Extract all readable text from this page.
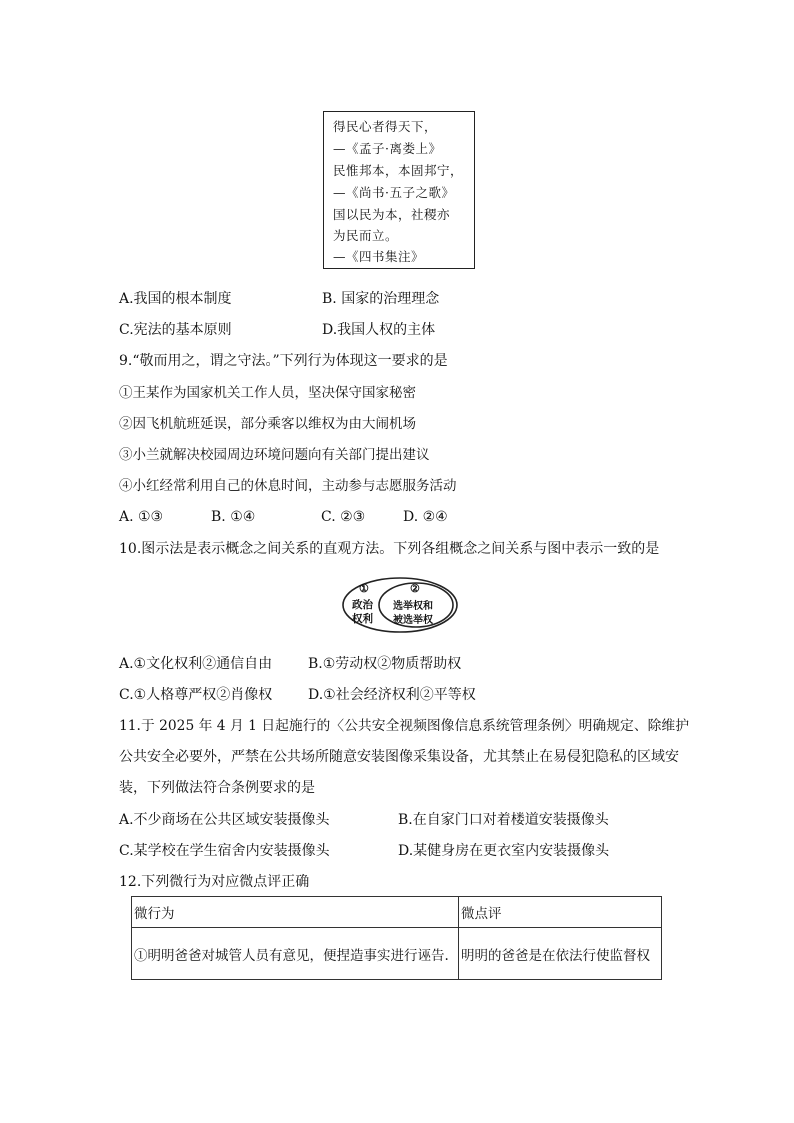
得民心者得天下，
—《孟子·离娄上》
民惟邦本，本固邦宁，
—《尚书·五子之歌》
国以民为本，社稷亦
为民而立。
—《四书集注》
A.我国的根本制度	B. 国家的治理理念
C.宪法的基本原则	D.我国人权的主体
9.“敬而用之，谓之守法。”下列行为体现这一要求的是
①王某作为国家机关工作人员，坚决保守国家秘密
②因飞机航班延误，部分乘客以维权为由大闹机场
③小兰就解决校园周边环境问题向有关部门提出建议
④小红经常利用自己的休息时间，主动参与志愿服务活动
A. ①③	B. ①④	C. ②③	D. ②④
10.图示法是表示概念之间关系的直观方法。下列各组概念之间关系与图中表示一致的是
①
政治
权利
②
选举权和
被选举权
A.①文化权利②通信自由	B.①劳动权②物质帮助权
C.①人格尊严权②肖像权	D.①社会经济权利②平等权
11.于 2025 年 4 月 1 日起施行的〈公共安全视频图像信息系统管理条例〉明确规定、除维护
公共安全必要外，严禁在公共场所随意安装图像采集设备，尤其禁止在易侵犯隐私的区域安
装，下列做法符合条例要求的是
A.不少商场在公共区域安装摄像头	B.在自家门口对着楼道安装摄像头
C.某学校在学生宿舍内安装摄像头	D.某健身房在更衣室内安装摄像头
12.下列微行为对应微点评正确
微行为	微点评
①明明爸爸对城管人员有意见，便捏造事实进行诬告.	明明的爸爸是在依法行使监督权
